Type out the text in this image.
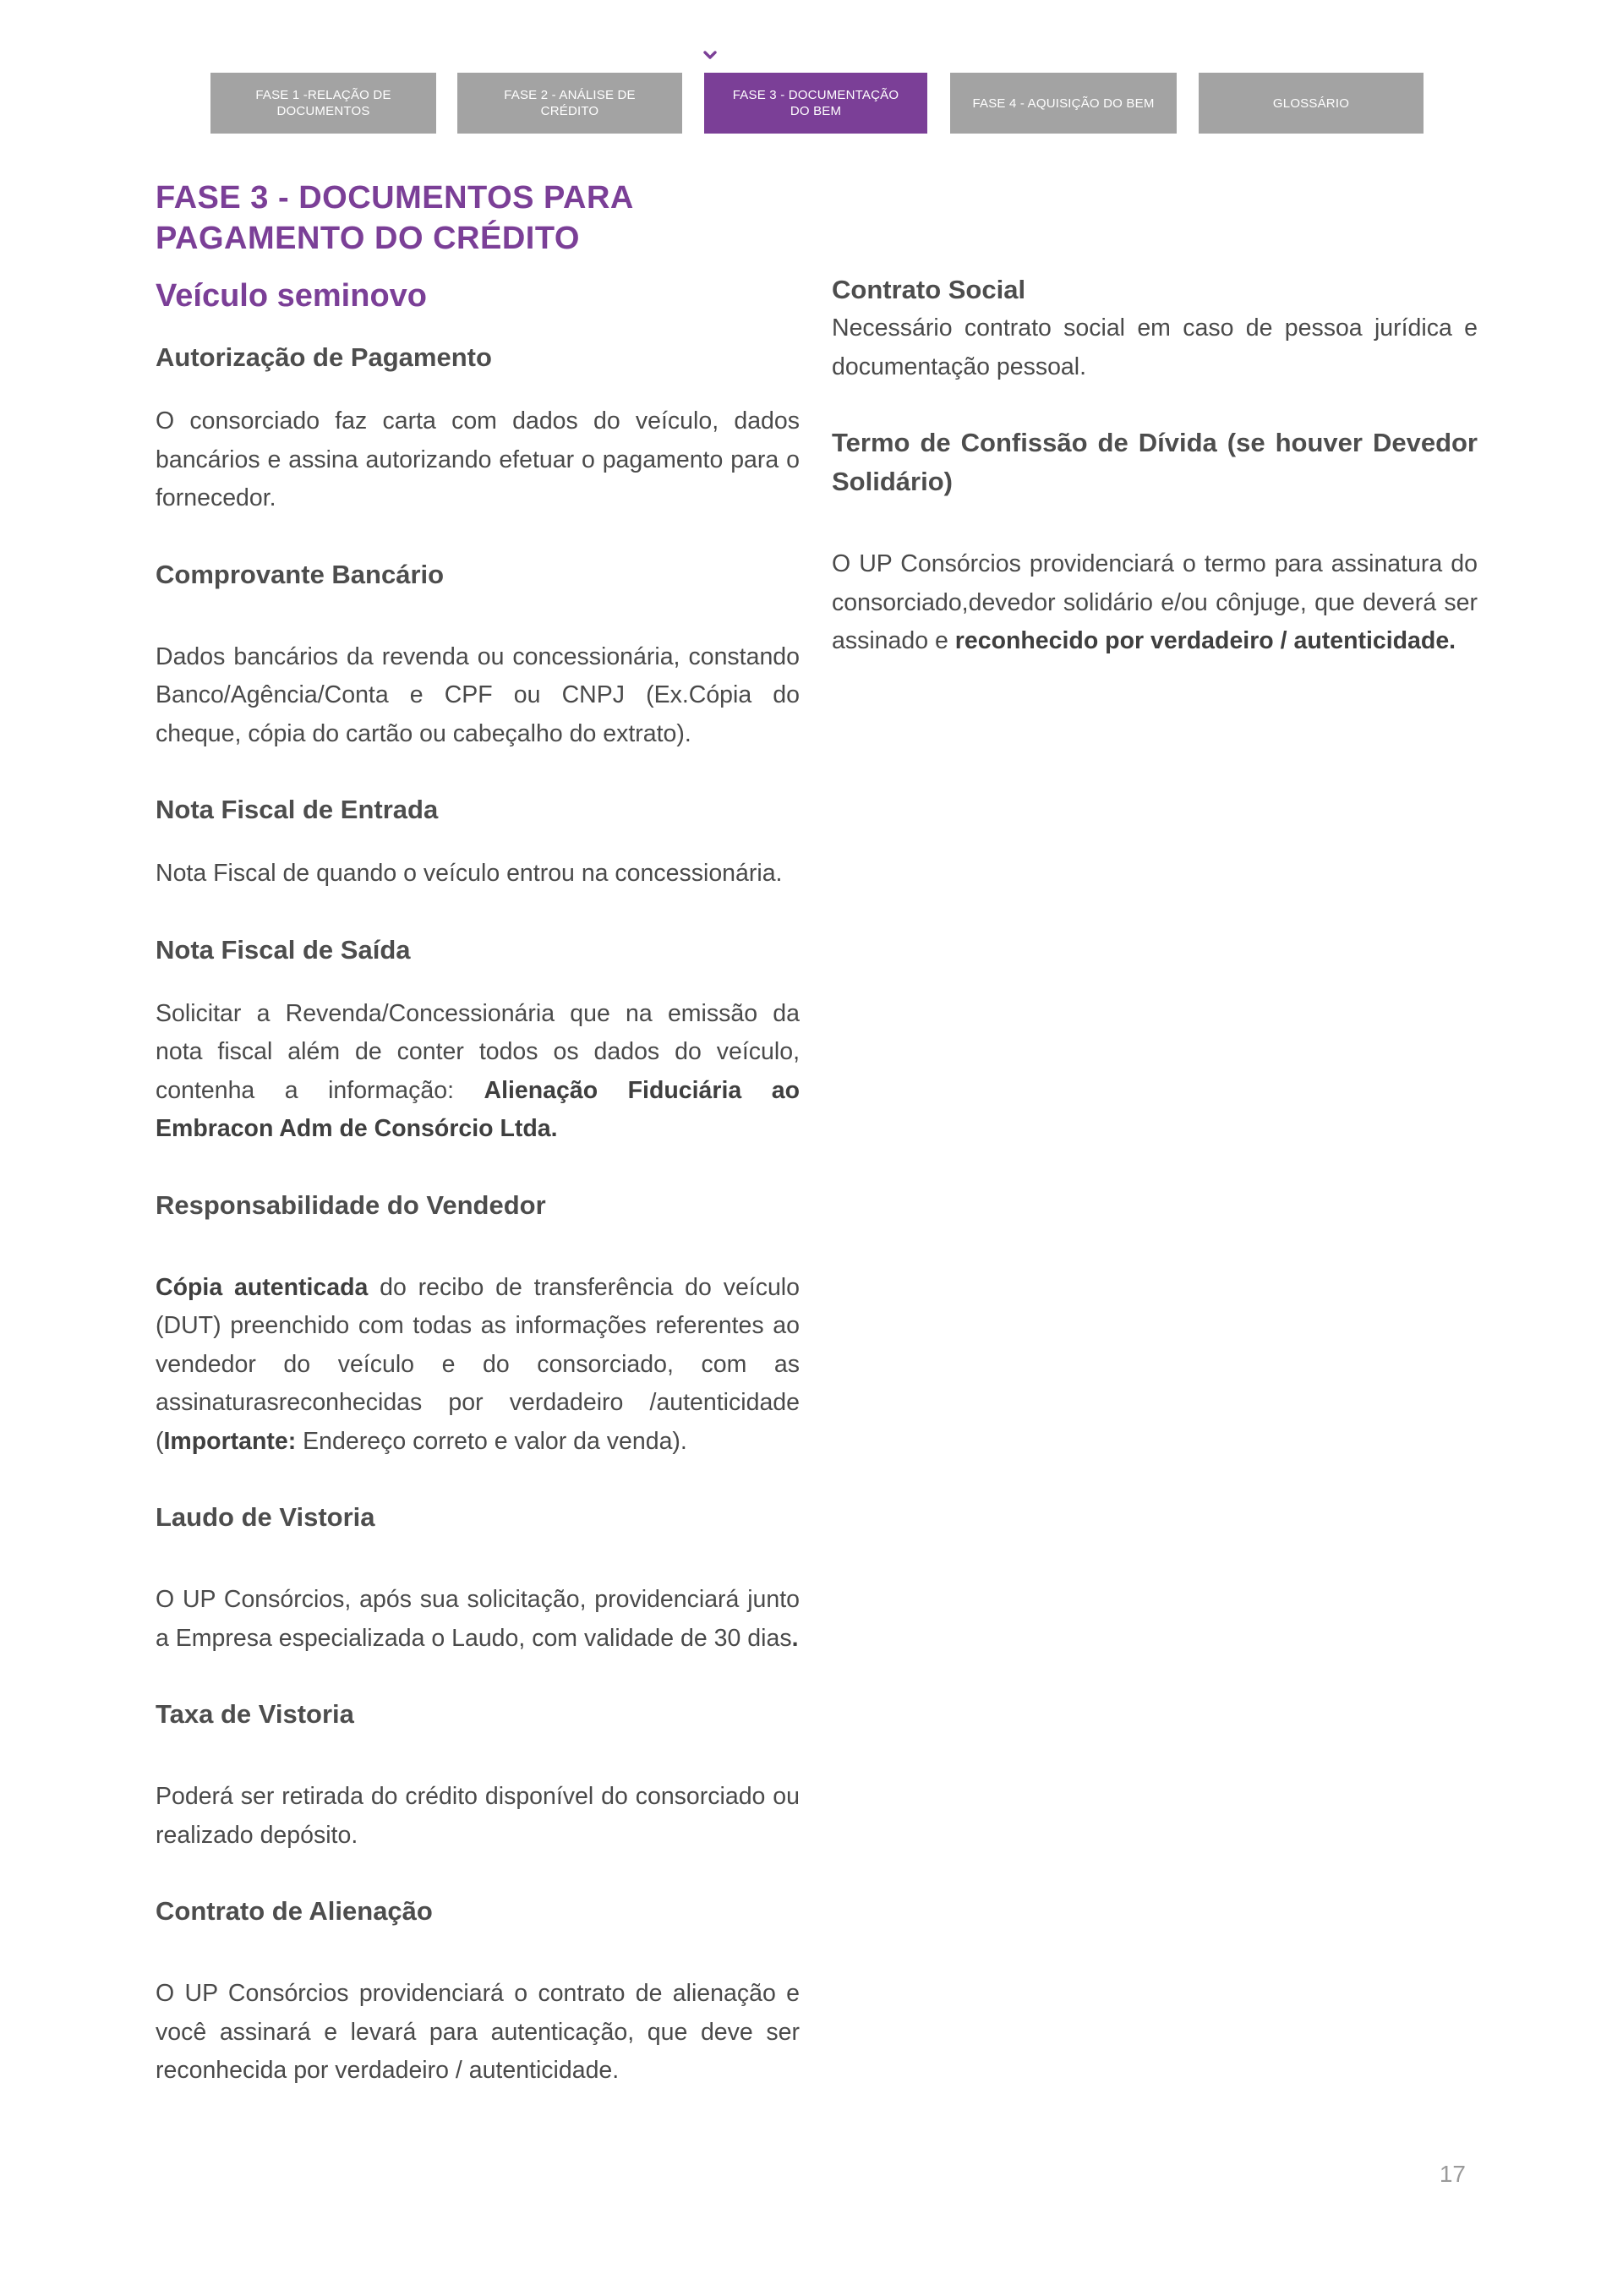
FASE 1 -RELAÇÃO DE DOCUMENTOS
FASE 2 - ANÁLISE DE CRÉDITO
FASE 3 - DOCUMENTAÇÃO DO BEM
FASE 4 - AQUISIÇÃO DO BEM	GLOSSÁRIO
FASE 3 - DOCUMENTOS PARA PAGAMENTO DO CRÉDITO
Veículo seminovo
Autorização de Pagamento

O consorciado faz carta com dados do veículo, dados bancários e assina autorizando efetuar o pagamento para o fornecedor.

Comprovante Bancário

Dados bancários da revenda ou concessionária, constando Banco/Agência/Conta e CPF ou CNPJ (Ex.Cópia do cheque, cópia do cartão ou cabeçalho do extrato).

Nota Fiscal de Entrada

Nota Fiscal de quando o veículo entrou na concessionária.

Nota Fiscal de Saída

Solicitar a Revenda/Concessionária que na emissão da nota fiscal além de conter todos os dados do veículo, contenha a informação: Alienação Fiduciária ao Embracon Adm de Consórcio Ltda.

Responsabilidade do Vendedor

Cópia autenticada do recibo de transferência do veículo (DUT) preenchido com todas as informações referentes ao vendedor do veículo e do consorciado, com as assinaturasreconhecidas por verdadeiro /autenticidade (Importante: Endereço correto e valor da venda).

Laudo de Vistoria

O UP Consórcios, após sua solicitação, providenciará junto a Empresa especializada o Laudo, com validade de 30 dias.

Taxa de Vistoria

Poderá ser retirada do crédito disponível do consorciado ou realizado depósito.

Contrato de Alienação

O UP Consórcios providenciará o contrato de alienação e você assinará e levará para autenticação, que deve ser reconhecida por verdadeiro / autenticidade.

Contrato Social

Necessário contrato social em caso de pessoa jurídica e documentação pessoal.

Termo de Confissão de Dívida (se houver Devedor Solidário)

O UP Consórcios providenciará o termo para assinatura do consorciado,devedor solidário e/ou cônjuge, que deverá ser assinado e reconhecido por verdadeiro / autenticidade.

17
